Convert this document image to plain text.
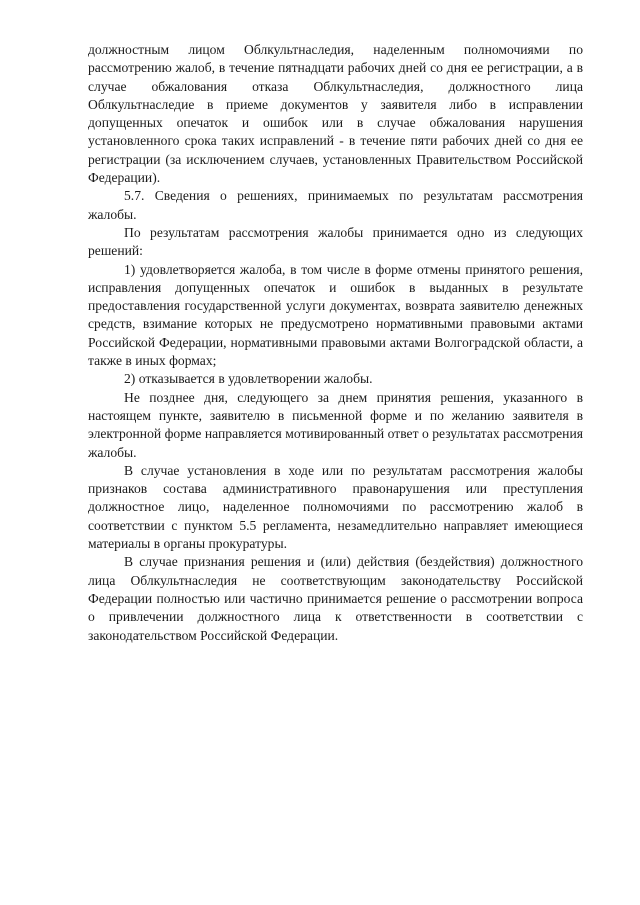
должностным лицом Облкультнаследия, наделенным полномочиями по рассмотрению жалоб, в течение пятнадцати рабочих дней со дня ее регистрации, а в случае обжалования отказа Облкультнаследия, должностного лица Облкультнаследие в приеме документов у заявителя либо в исправлении допущенных опечаток и ошибок или в случае обжалования нарушения установленного срока таких исправлений - в течение пяти рабочих дней со дня ее регистрации (за исключением случаев, установленных Правительством Российской Федерации).

5.7. Сведения о решениях, принимаемых по результатам рассмотрения жалобы.

По результатам рассмотрения жалобы принимается одно из следующих решений:

1) удовлетворяется жалоба, в том числе в форме отмены принятого решения, исправления допущенных опечаток и ошибок в выданных в результате предоставления государственной услуги документах, возврата заявителю денежных средств, взимание которых не предусмотрено нормативными правовыми актами Российской Федерации, нормативными правовыми актами Волгоградской области, а также в иных формах;

2) отказывается в удовлетворении жалобы.

Не позднее дня, следующего за днем принятия решения, указанного в настоящем пункте, заявителю в письменной форме и по желанию заявителя в электронной форме направляется мотивированный ответ о результатах рассмотрения жалобы.

В случае установления в ходе или по результатам рассмотрения жалобы признаков состава административного правонарушения или преступления должностное лицо, наделенное полномочиями по рассмотрению жалоб в соответствии с пунктом 5.5 регламента, незамедлительно направляет имеющиеся материалы в органы прокуратуры.

В случае признания решения и (или) действия (бездействия) должностного лица Облкультнаследия не соответствующим законодательству Российской Федерации полностью или частично принимается решение о рассмотрении вопроса о привлечении должностного лица к ответственности в соответствии с законодательством Российской Федерации.
